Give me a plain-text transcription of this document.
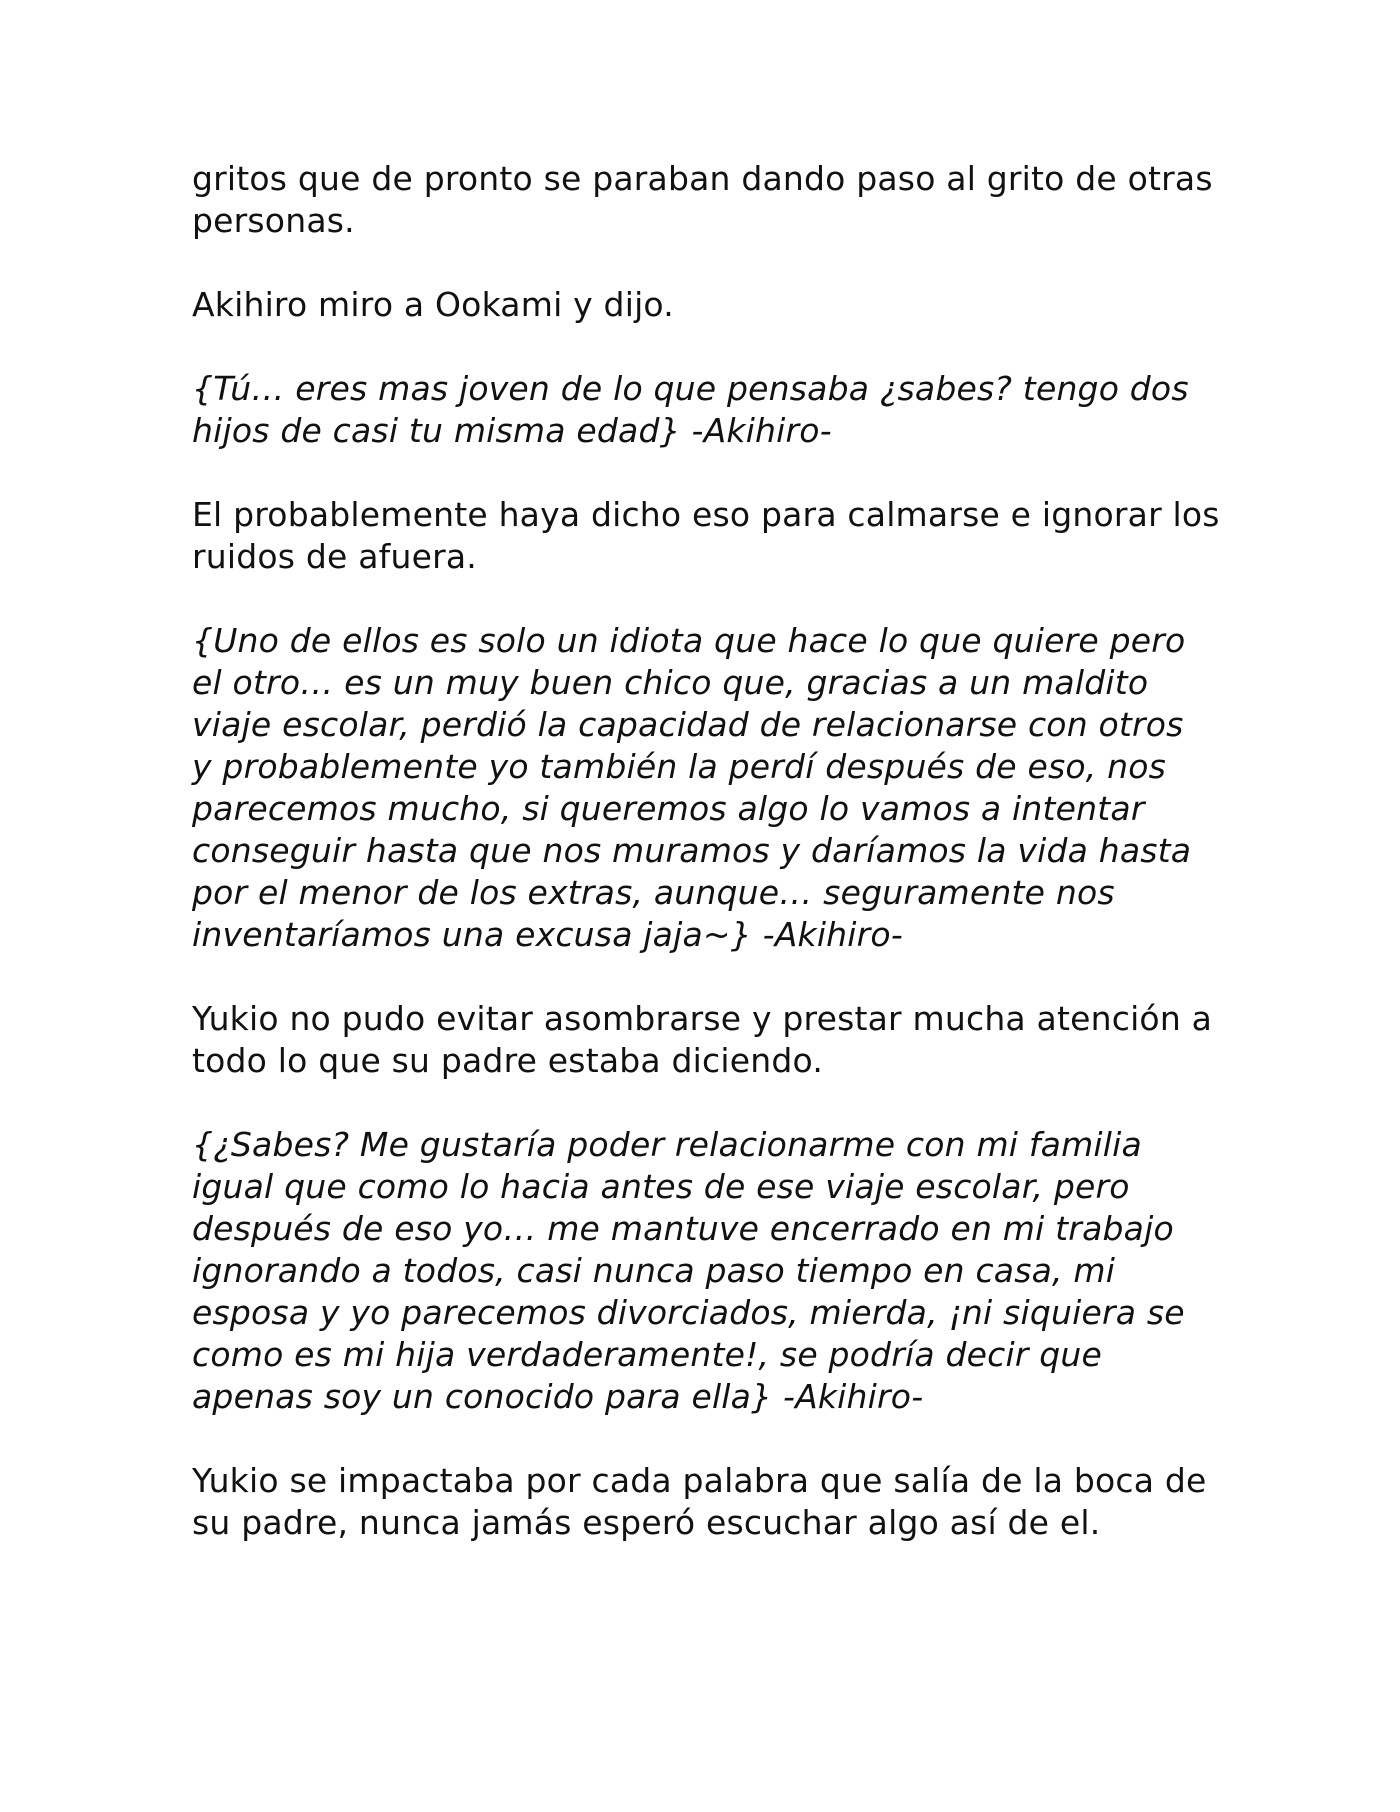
gritos que de pronto se paraban dando paso al grito de otras
personas.

Akihiro miro a Ookami y dijo.

{Tú… eres mas joven de lo que pensaba ¿sabes? tengo dos
hijos de casi tu misma edad} -Akihiro-

El probablemente haya dicho eso para calmarse e ignorar los
ruidos de afuera.

{Uno de ellos es solo un idiota que hace lo que quiere pero
el otro… es un muy buen chico que, gracias a un maldito
viaje escolar, perdió la capacidad de relacionarse con otros
y probablemente yo también la perdí después de eso, nos
parecemos mucho, si queremos algo lo vamos a intentar
conseguir hasta que nos muramos y daríamos la vida hasta
por el menor de los extras, aunque… seguramente nos
inventaríamos una excusa jaja~} -Akihiro-

Yukio no pudo evitar asombrarse y prestar mucha atención a
todo lo que su padre estaba diciendo.

{¿Sabes? Me gustaría poder relacionarme con mi familia
igual que como lo hacia antes de ese viaje escolar, pero
después de eso yo… me mantuve encerrado en mi trabajo
ignorando a todos, casi nunca paso tiempo en casa, mi
esposa y yo parecemos divorciados, mierda, ¡ni siquiera se
como es mi hija verdaderamente!, se podría decir que
apenas soy un conocido para ella} -Akihiro-

Yukio se impactaba por cada palabra que salía de la boca de
su padre, nunca jamás esperó escuchar algo así de el.
